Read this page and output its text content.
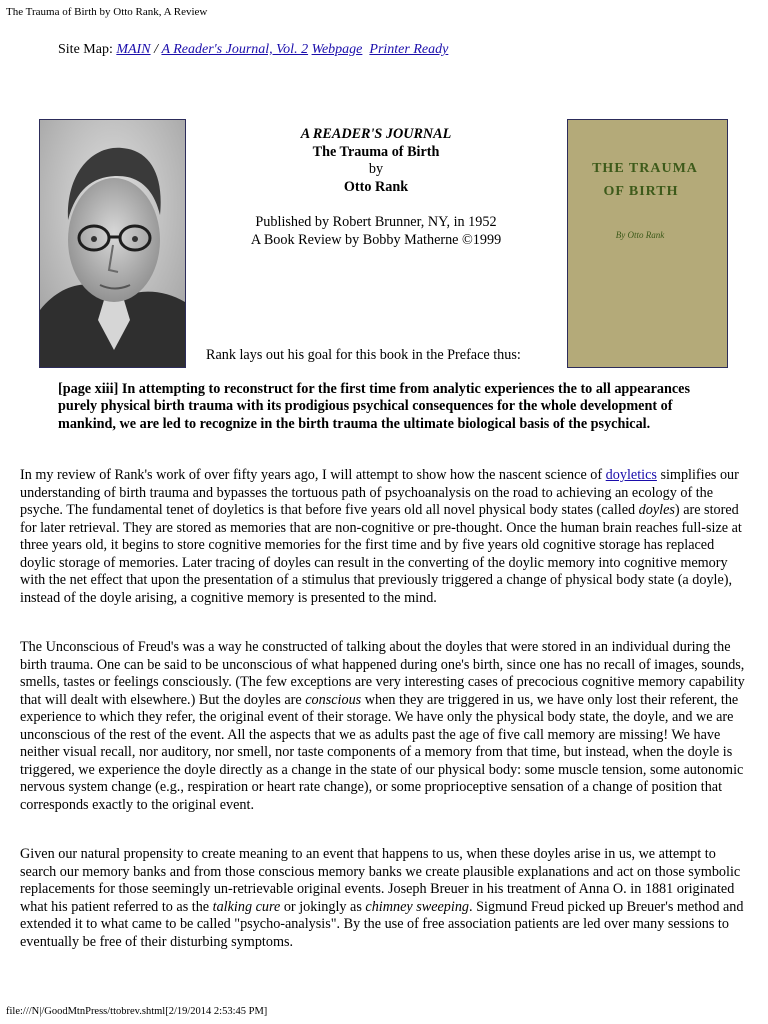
The Trauma of Birth by Otto Rank, A Review
Site Map: MAIN / A Reader's Journal, Vol. 2 Webpage Printer Ready
A READER'S JOURNAL
The Trauma of Birth
by
Otto Rank
Published by Robert Brunner, NY, in 1952
A Book Review by Bobby Matherne ©1999
THE TRAUMA
OF BIRTH
By Otto Rank
Rank lays out his goal for this book in the Preface thus:
[page xiii] In attempting to reconstruct for the first time from analytic experiences the to all appearances purely physical birth trauma with its prodigious psychical consequences for the whole development of mankind, we are led to recognize in the birth trauma the ultimate biological basis of the psychical.
In my review of Rank's work of over fifty years ago, I will attempt to show how the nascent science of doyletics simplifies our understanding of birth trauma and bypasses the tortuous path of psychoanalysis on the road to achieving an ecology of the psyche. The fundamental tenet of doyletics is that before five years old all novel physical body states (called doyles) are stored for later retrieval. They are stored as memories that are non-cognitive or pre-thought. Once the human brain reaches full-size at three years old, it begins to store cognitive memories for the first time and by five years old cognitive storage has replaced doylic storage of memories. Later tracing of doyles can result in the converting of the doylic memory into cognitive memory with the net effect that upon the presentation of a stimulus that previously triggered a change of physical body state (a doyle), instead of the doyle arising, a cognitive memory is presented to the mind.
The Unconscious of Freud's was a way he constructed of talking about the doyles that were stored in an individual during the birth trauma. One can be said to be unconscious of what happened during one's birth, since one has no recall of images, sounds, smells, tastes or feelings consciously. (The few exceptions are very interesting cases of precocious cognitive memory capability that will dealt with elsewhere.) But the doyles are conscious when they are triggered in us, we have only lost their referent, the experience to which they refer, the original event of their storage. We have only the physical body state, the doyle, and we are unconscious of the rest of the event. All the aspects that we as adults past the age of five call memory are missing! We have neither visual recall, nor auditory, nor smell, nor taste components of a memory from that time, but instead, when the doyle is triggered, we experience the doyle directly as a change in the state of our physical body: some muscle tension, some autonomic nervous system change (e.g., respiration or heart rate change), or some proprioceptive sensation of a change of position that corresponds exactly to the original event.
Given our natural propensity to create meaning to an event that happens to us, when these doyles arise in us, we attempt to search our memory banks and from those conscious memory banks we create plausible explanations and act on those symbolic replacements for those seemingly un-retrievable original events. Joseph Breuer in his treatment of Anna O. in 1881 originated what his patient referred to as the talking cure or jokingly as chimney sweeping. Sigmund Freud picked up Breuer's method and extended it to what came to be called "psycho-analysis". By the use of free association patients are led over many sessions to eventually be free of their disturbing symptoms.
file:///N|/GoodMtnPress/ttobrev.shtml[2/19/2014 2:53:45 PM]
